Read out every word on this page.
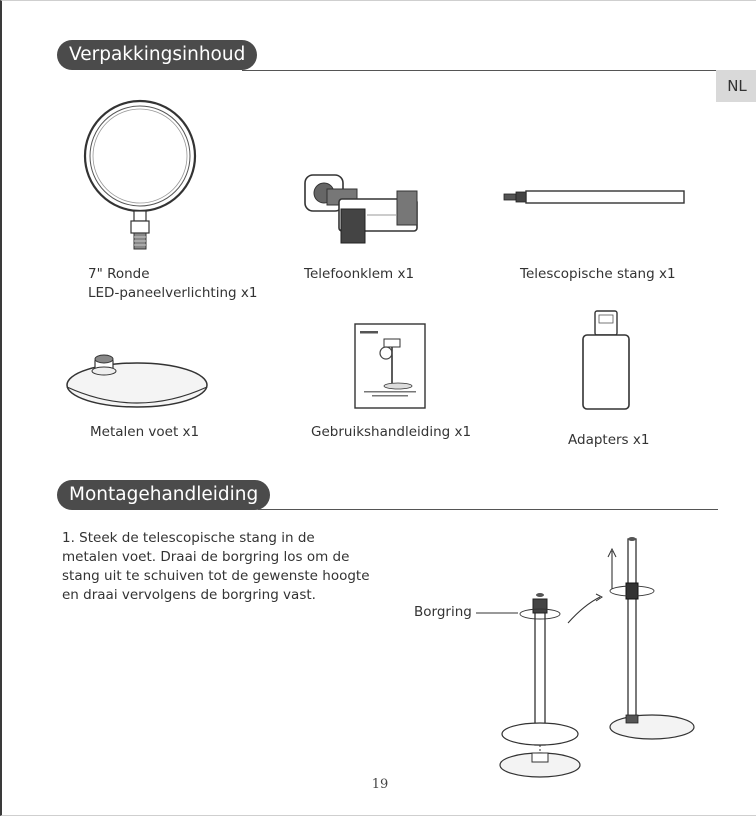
Verpakkingsinhoud
NL
7" Ronde
LED-paneelverlichting x1
Telefoonklem x1	Telescopische stang x1
Metalen voet x1	Gebruikshandleiding x1	Adapters x1
Montagehandleiding
1. Steek de telescopische stang in de
metalen voet. Draai de borgring los om de
stang uit te schuiven tot de gewenste hoogte
en draai vervolgens de borgring vast.
Borgring
19
